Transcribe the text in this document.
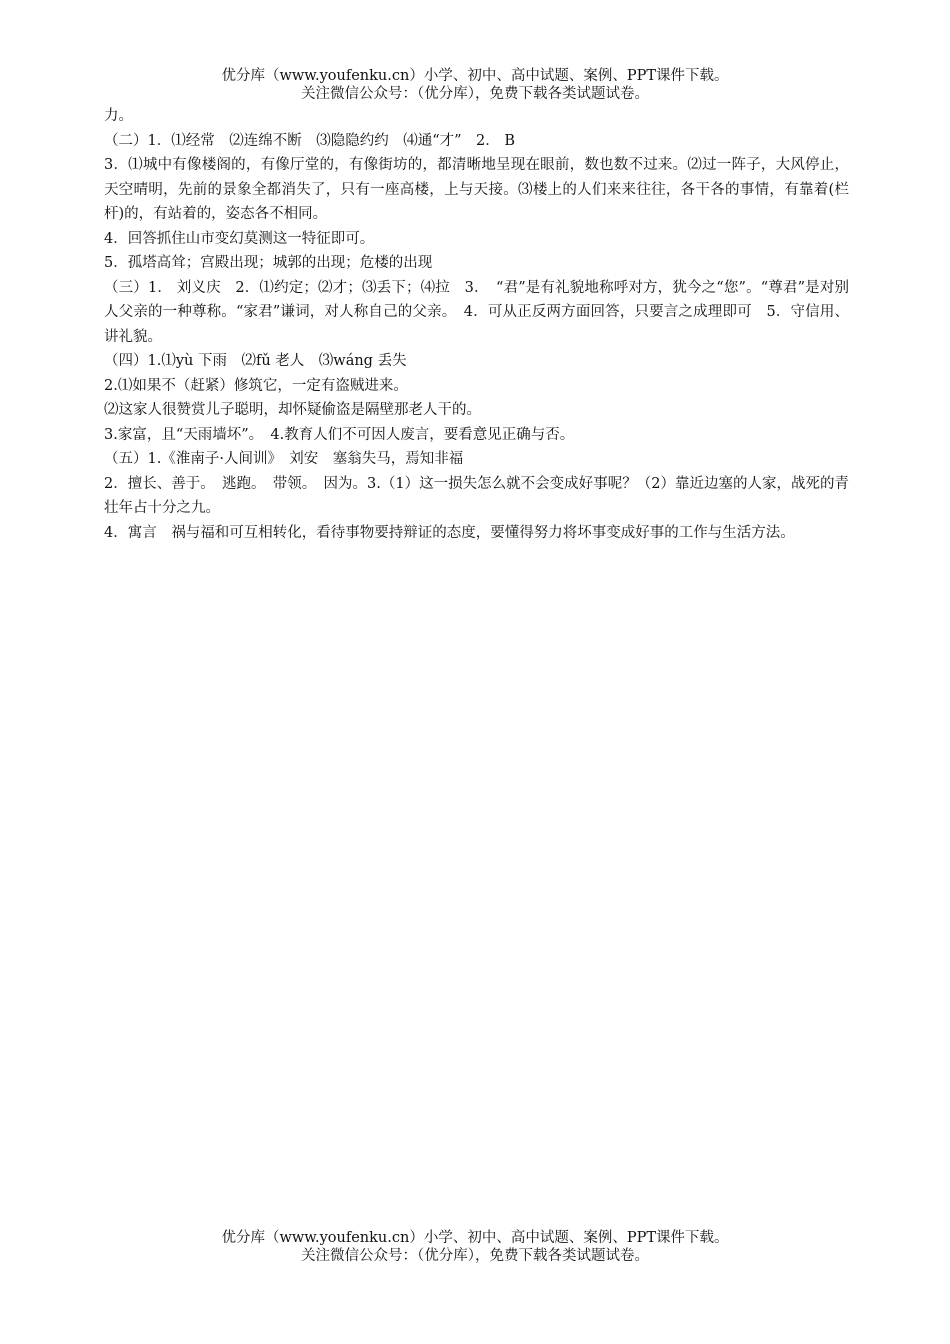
优分库（www.youfenku.cn）小学、初中、高中试题、案例、PPT课件下载。
关注微信公众号：（优分库），免费下载各类试题试卷。

力。

（二）1．⑴经常　⑵连绵不断　⑶隐隐约约　⑷通“才”　2． B

3．⑴城中有像楼阁的，有像厅堂的，有像街坊的，都清晰地呈现在眼前，数也数不过来。⑵过一阵子，大风停止，天空晴明，先前的景象全都消失了，只有一座高楼，上与天接。⑶楼上的人们来来往往，各干各的事情，有靠着(栏杆)的，有站着的，姿态各不相同。

4．回答抓住山市变幻莫测这一特征即可。

5．孤塔高耸；宫殿出现；城郭的出现；危楼的出现

（三）1． 刘义庆　2．⑴约定；⑵才；⑶丢下；⑷拉　3．　“君”是有礼貌地称呼对方，犹今之“您”。“尊君”是对别人父亲的一种尊称。“家君”谦词，对人称自己的父亲。　4．可从正反两方面回答，只要言之成理即可　5．守信用、讲礼貌。

（四）1.⑴yù 下雨　⑵fǔ 老人　⑶wáng 丢失

2.⑴如果不（赶紧）修筑它，一定有盗贼进来。

⑵这家人很赞赏儿子聪明，却怀疑偷盗是隔壁那老人干的。

3.家富，且“天雨墙坏”。　4.教育人们不可因人废言，要看意见正确与否。

（五）1.《淮南子·人间训》　刘安　塞翁失马，焉知非福

2．擅长、善于。　逃跑。　带领。　因为。3.（1）这一损失怎么就不会变成好事呢？（2）靠近边塞的人家，战死的青壮年占十分之九。

4．寓言　祸与福和可互相转化，看待事物要持辩证的态度，要懂得努力将坏事变成好事的工作与生活方法。

优分库（www.youfenku.cn）小学、初中、高中试题、案例、PPT课件下载。
关注微信公众号：（优分库），免费下载各类试题试卷。
